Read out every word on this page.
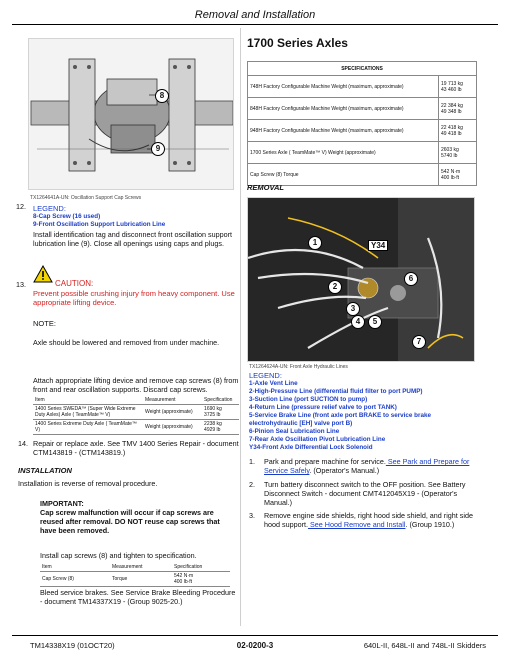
Removal and Installation
8
9
TX1264641A-UN: Oscillation Support Cap Screws
12. LEGEND:
8-Cap Screw (16 used)
9-Front Oscillation Support Lubrication Line
Install identification tag and disconnect front oscillation support lubrication line (9). Close all openings using caps and plugs.
13.	CAUTION:
Prevent possible crushing injury from heavy component. Use appropriate lifting device.
NOTE:
Axle should be lowered and removed from under machine.
Attach appropriate lifting device and remove cap screws (8) from front and rear oscillation supports. Discard cap screws.
Item	Measurement	Specification
1400 Series SWEDA™ (Super Wide Extreme Duty Axles) Axle ( TeamMate™ V)	Weight (approximate)	1690 kg
3725 lb
1400 Series Extreme Duty Axle ( TeamMate™ V)	Weight (approximate)	2238 kg
4929 lb
14. Repair or replace axle. See TMV 1400 Series Repair - document CTM143819 - (CTM143819.)
INSTALLATION
Installation is reverse of removal procedure.
IMPORTANT:
Cap screw malfunction will occur if cap screws are reused after removal. DO NOT reuse cap screws that have been removed.
Install cap screws (8) and tighten to specification.
Item	Measurement	Specification
Cap Screw (8)	Torque	542 N·m
400 lb·ft
Bleed service brakes. See Service Brake Bleeding Procedure - document TM14337X19 - (Group 9025-20.)
1700 Series Axles
SPECIFICATIONS	
748H Factory Configurable Machine Weight (maximum, approximate)	19 713 kg
43 460 lb
848H Factory Configurable Machine Weight (maximum, approximate)	22 384 kg
49 348 lb
948H Factory Configurable Machine Weight (maximum, approximate)	22 418 kg
49 418 lb
1700 Series Axle ( TeamMate™ V) Weight (approximate)	2603 kg
5740 lb
Cap Screw (8) Torque	542 N·m
400 lb·ft
REMOVAL
1	Y34
6
2
3
4	5
7
TX1264624A-UN: Front Axle Hydraulic Lines
LEGEND:
1-Axle Vent Line
2-High-Pressure Line (differential fluid filter to port PUMP)
3-Suction Line (port SUCTION to pump)
4-Return Line (pressure relief valve to port TANK)
5-Service Brake Line (front axle port BRAKE to service brake electrohydraulic [EH] valve port B)
6-Pinion Seal Lubrication Line
7-Rear Axle Oscillation Pivot Lubrication Line
Y34-Front Axle Differential Lock Solenoid
1. Park and prepare machine for service. See Park and Prepare for Service Safely. (Operator's Manual.)
2. Turn battery disconnect switch to the OFF position. See Battery Disconnect Switch - document CMT412045X19 - (Operator's Manual.)
3. Remove engine side shields, right hood side shield, and right side hood support. See Hood Remove and Install. (Group 1910.)
TM14338X19 (01OCT20)	02-0200-3	640L-II, 648L-II and 748L-II Skidders
